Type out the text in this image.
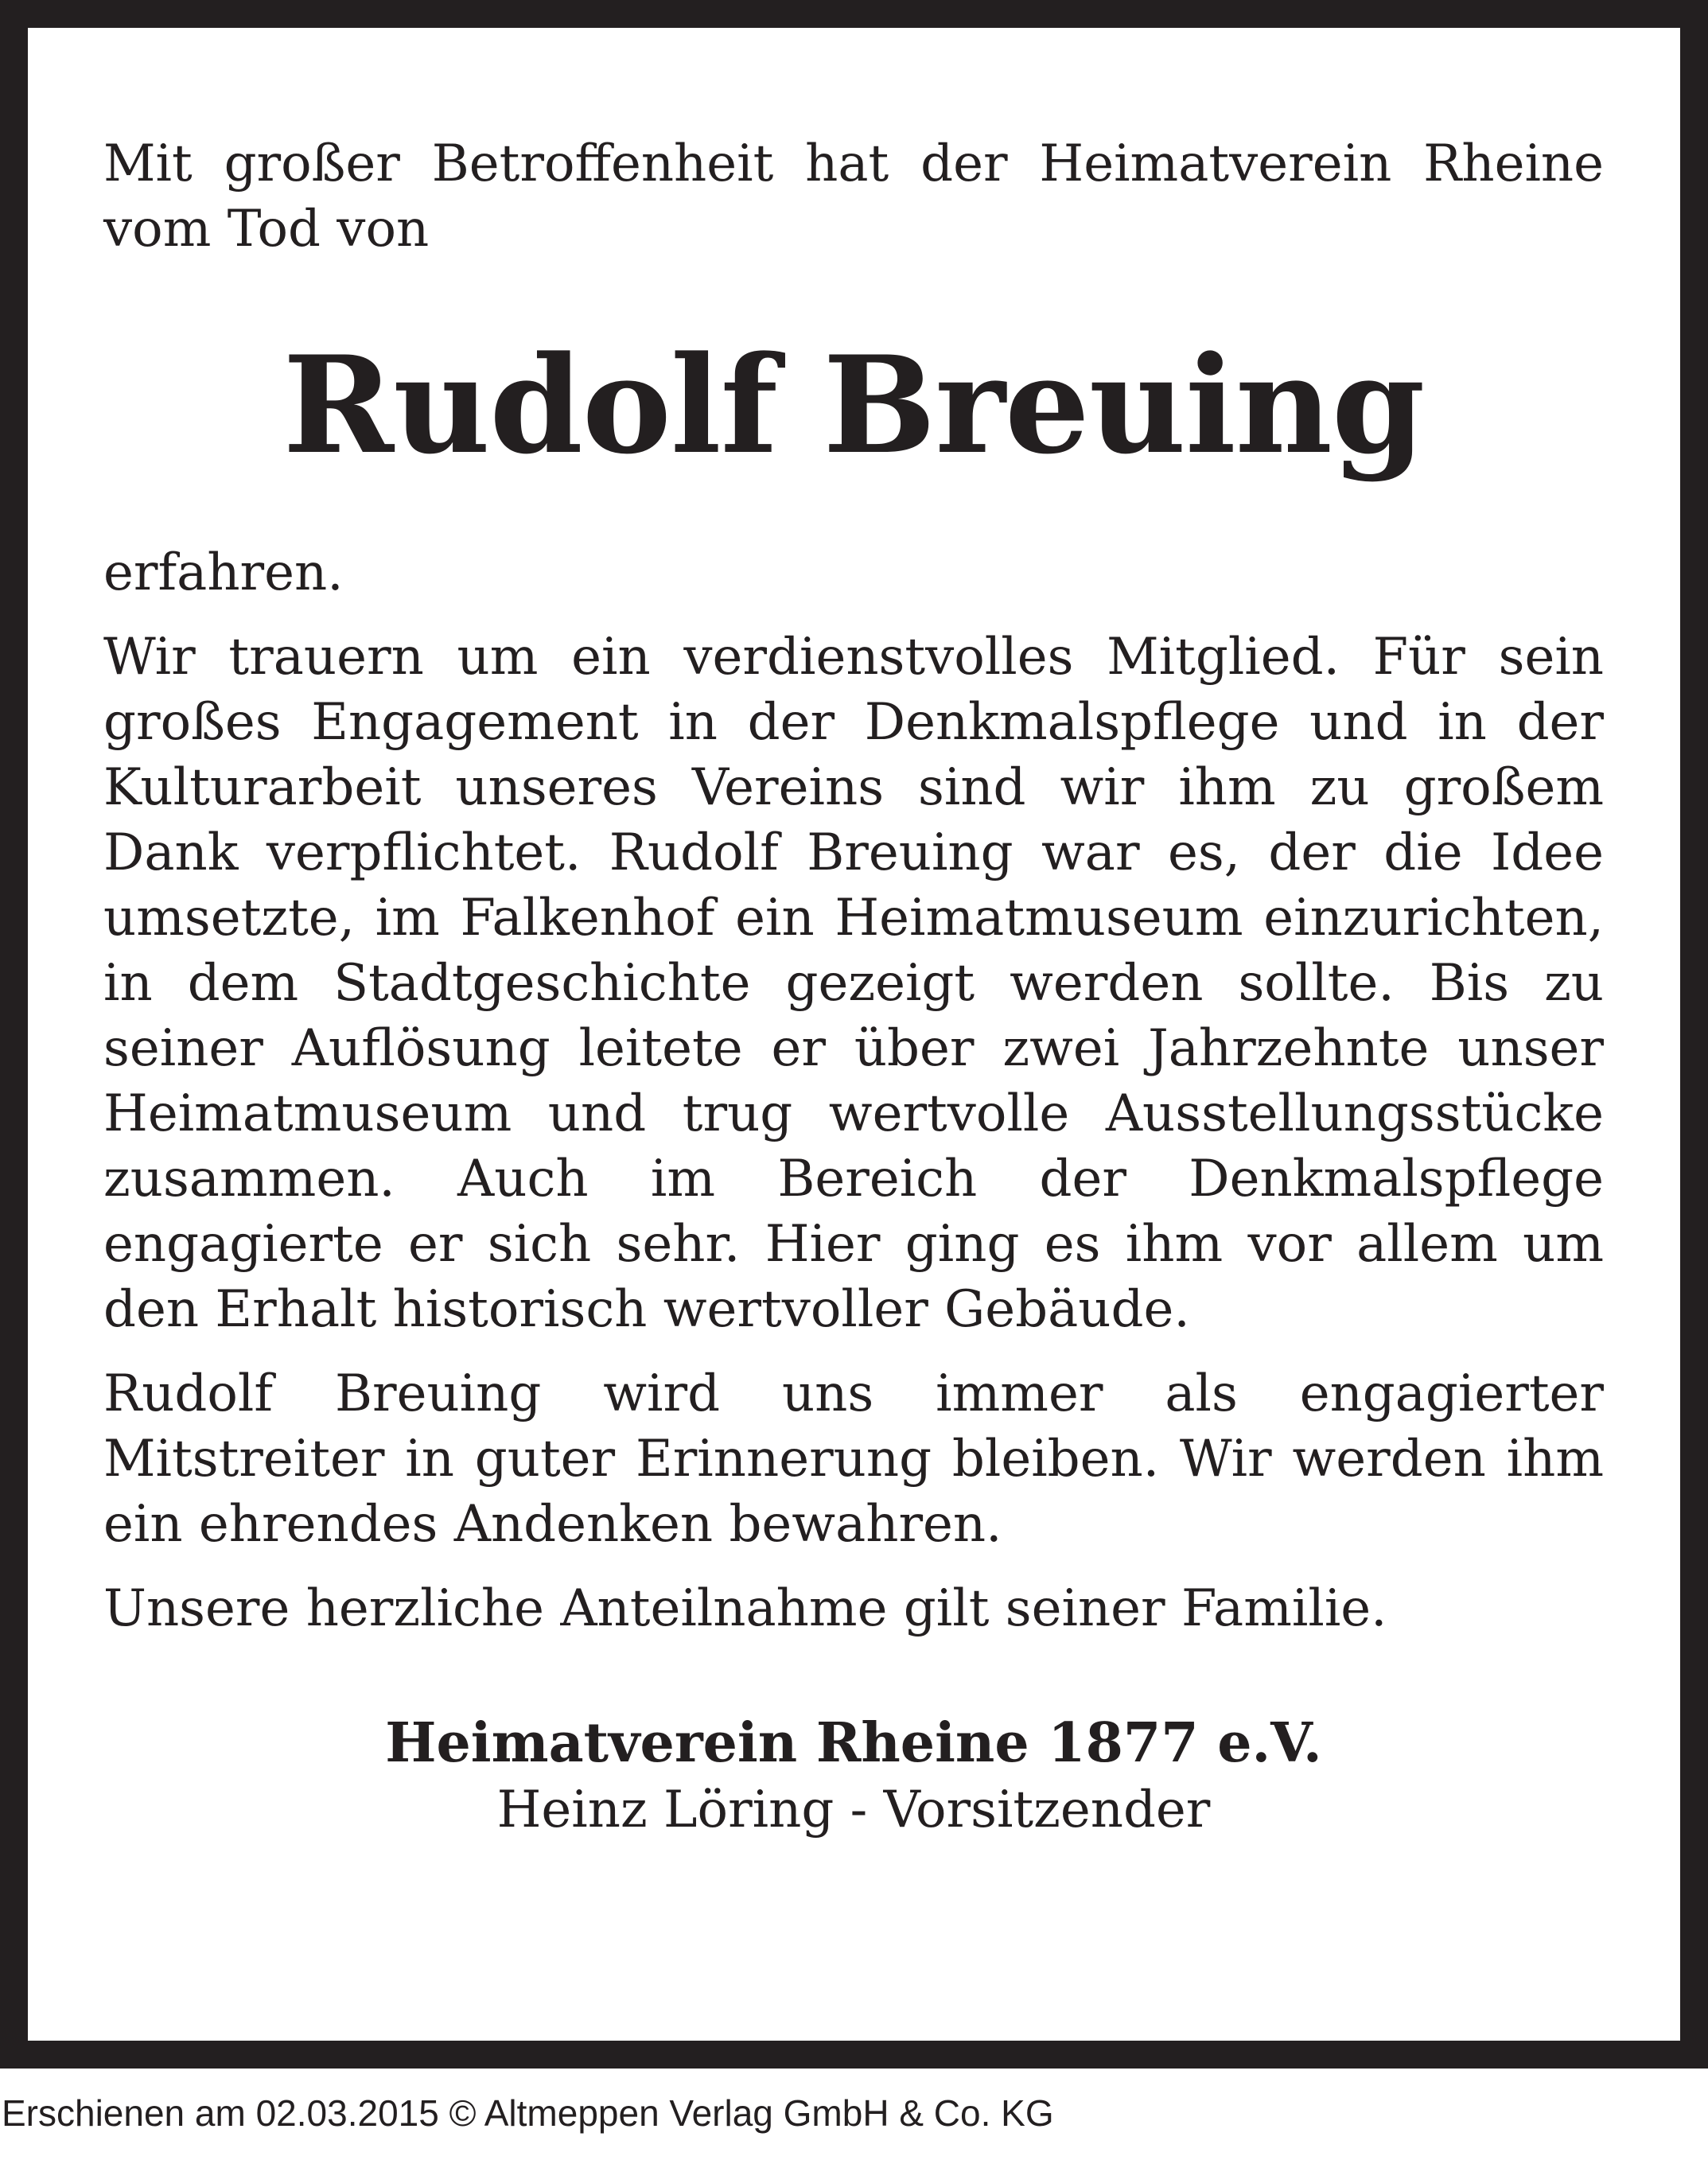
Mit großer Betroffenheit hat der Heimatverein Rheine vom Tod von

Rudolf Breuing

erfahren.

Wir trauern um ein verdienstvolles Mitglied. Für sein großes Engagement in der Denkmalspflege und in der Kulturarbeit unseres Vereins sind wir ihm zu großem Dank verpflichtet. Rudolf Breuing war es, der die Idee umsetzte, im Falkenhof ein Heimatmuseum einzurichten, in dem Stadtgeschichte gezeigt werden sollte. Bis zu seiner Auflösung leitete er über zwei Jahrzehnte unser Heimatmuseum und trug wertvolle Ausstellungsstücke zusammen. Auch im Bereich der Denkmalspflege engagierte er sich sehr. Hier ging es ihm vor allem um den Erhalt historisch wertvoller Gebäude.

Rudolf Breuing wird uns immer als engagierter Mitstreiter in guter Erinnerung bleiben. Wir werden ihm ein ehrendes Andenken bewahren.

Unsere herzliche Anteilnahme gilt seiner Familie.

Heimatverein Rheine 1877 e.V.
Heinz Löring - Vorsitzender
Erschienen am 02.03.2015 © Altmeppen Verlag GmbH & Co. KG
